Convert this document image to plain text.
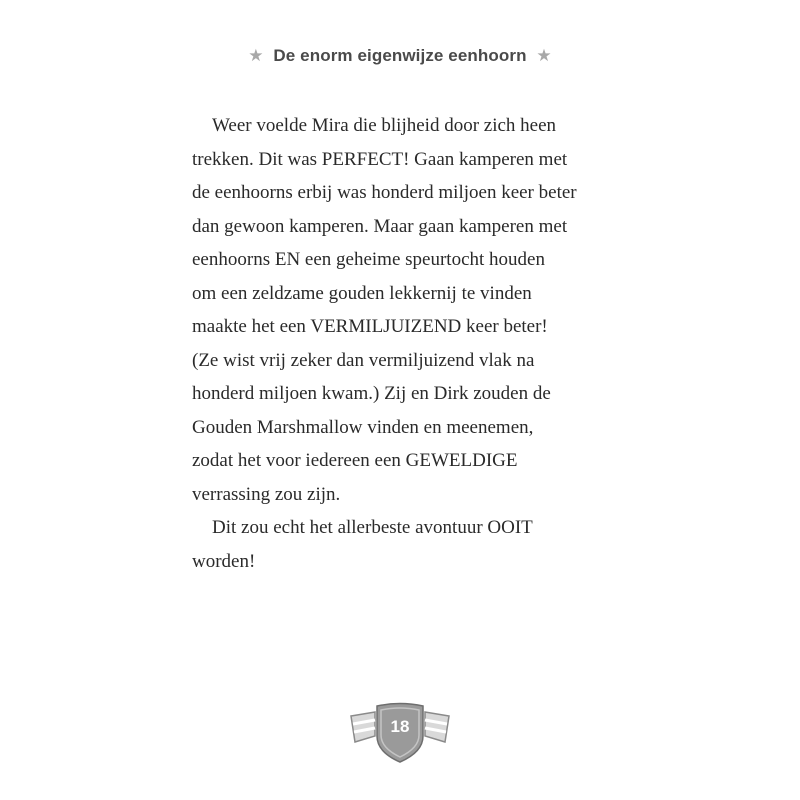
★ De enorm eigenwijze eenhoorn ★
Weer voelde Mira die blijheid door zich heen
trekken. Dit was PERFECT! Gaan kamperen met
de eenhoorns erbij was honderd miljoen keer beter
dan gewoon kamperen. Maar gaan kamperen met
eenhoorns EN een geheime speurtocht houden
om een zeldzame gouden lekkernij te vinden
maakte het een VERMILJUIZEND keer beter!
(Ze wist vrij zeker dan vermiljuizend vlak na
honderd miljoen kwam.) Zij en Dirk zouden de
Gouden Marshmallow vinden en meenemen,
zodat het voor iedereen een GEWELDIGE
verrassing zou zijn.
Dit zou echt het allerbeste avontuur OOIT
worden!
18
